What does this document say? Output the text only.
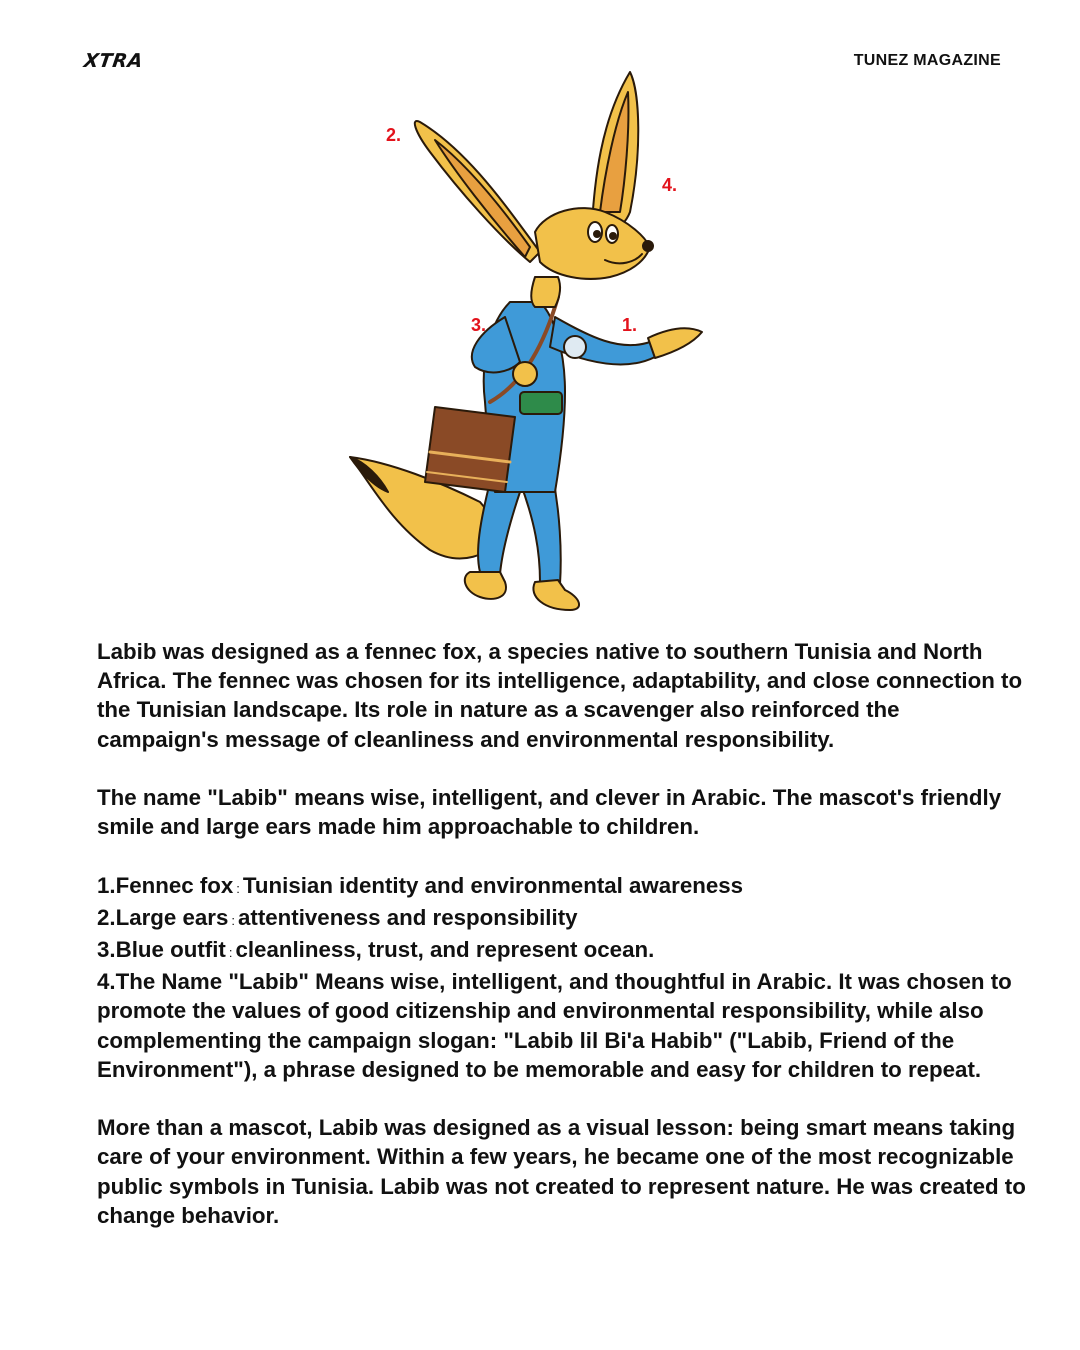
XTRA	TUNEZ MAGAZINE
2.
4.
3.	1.

Labib was designed as a fennec fox, a species native to southern Tunisia and North Africa. The fennec was chosen for its intelligence, adaptability, and close connection to the Tunisian landscape. Its role in nature as a scavenger also reinforced the campaign's message of cleanliness and environmental responsibility.

The name "Labib" means wise, intelligent, and clever in Arabic. The mascot's friendly smile and large ears made him approachable to children.

1.Fennec fox : Tunisian identity and environmental awareness

2.Large ears : attentiveness and responsibility

3.Blue outfit : cleanliness, trust, and represent ocean.

4.The Name "Labib" Means wise, intelligent, and thoughtful in Arabic. It was chosen to promote the values of good citizenship and environmental responsibility, while also complementing the campaign slogan: "Labib lil Bi'a Habib" ("Labib, Friend of the Environment"), a phrase designed to be memorable and easy for children to repeat.

More than a mascot, Labib was designed as a visual lesson: being smart means taking care of your environment. Within a few years, he became one of the most recognizable public symbols in Tunisia. Labib was not created to represent nature. He was created to change behavior.
